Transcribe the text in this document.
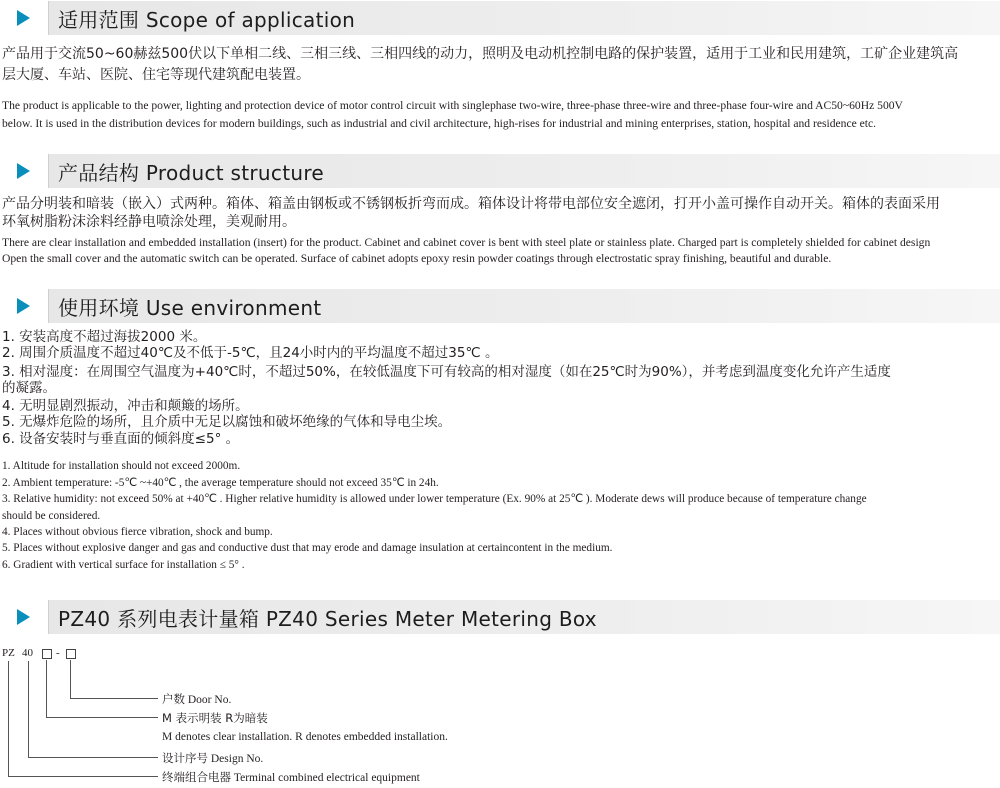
适用范围 Scope of application
产品用于交流50~60赫兹500伏以下单相二线、三相三线、三相四线的动力，照明及电动机控制电路的保护装置，适用于工业和民用建筑，工矿企业建筑高
层大厦、车站、医院、住宅等现代建筑配电装置。
The product is applicable to the power, lighting and protection device of motor control circuit with singlephase two-wire, three-phase three-wire and three-phase four-wire and AC50~60Hz 500V
below. It is used in the distribution devices for modern buildings, such as industrial and civil architecture, high-rises for industrial and mining enterprises, station, hospital and residence etc.
产品结构 Product structure
产品分明装和暗装（嵌入）式两种。箱体、箱盖由钢板或不锈钢板折弯而成。箱体设计将带电部位安全遮闭，打开小盖可操作自动开关。箱体的表面采用
环氧树脂粉沫涂料经静电喷涂处理，美观耐用。
There are clear installation and embedded installation (insert) for the product. Cabinet and cabinet cover is bent with steel plate or stainless plate. Charged part is completely shielded for cabinet design
Open the small cover and the automatic switch can be operated. Surface of cabinet adopts epoxy resin powder coatings through electrostatic spray finishing, beautiful and durable.
使用环境 Use environment
1. 安装高度不超过海拔2000 米。
2. 周围介质温度不超过40℃及不低于-5℃，且24小时内的平均温度不超过35℃ 。
3. 相对湿度：在周围空气温度为+40℃时，不超过50%，在较低温度下可有较高的相对湿度（如在25℃时为90%），并考虑到温度变化允许产生适度
的凝露。
4. 无明显剧烈振动，冲击和颠簸的场所。
5. 无爆炸危险的场所，且介质中无足以腐蚀和破坏绝缘的气体和导电尘埃。
6. 设备安装时与垂直面的倾斜度≤5° 。
1. Altitude for installation should not exceed 2000m.
2. Ambient temperature: -5℃ ~+40℃ , the average temperature should not exceed 35℃ in 24h.
3. Relative humidity: not exceed 50% at +40℃ . Higher relative humidity is allowed under lower temperature (Ex. 90% at 25℃ ). Moderate dews will produce because of temperature change
should be considered.
4. Places without obvious fierce vibration, shock and bump.
5. Places without explosive danger and gas and conductive dust that may erode and damage insulation at certaincontent in the medium.
6. Gradient with vertical surface for installation ≤ 5° .
PZ40 系列电表计量箱 PZ40 Series Meter Metering Box
PZ 40 -
户数 Door No.
M 表示明装 R为暗装
M denotes clear installation. R denotes embedded installation.
设计序号 Design No.
终端组合电器 Terminal combined electrical equipment
